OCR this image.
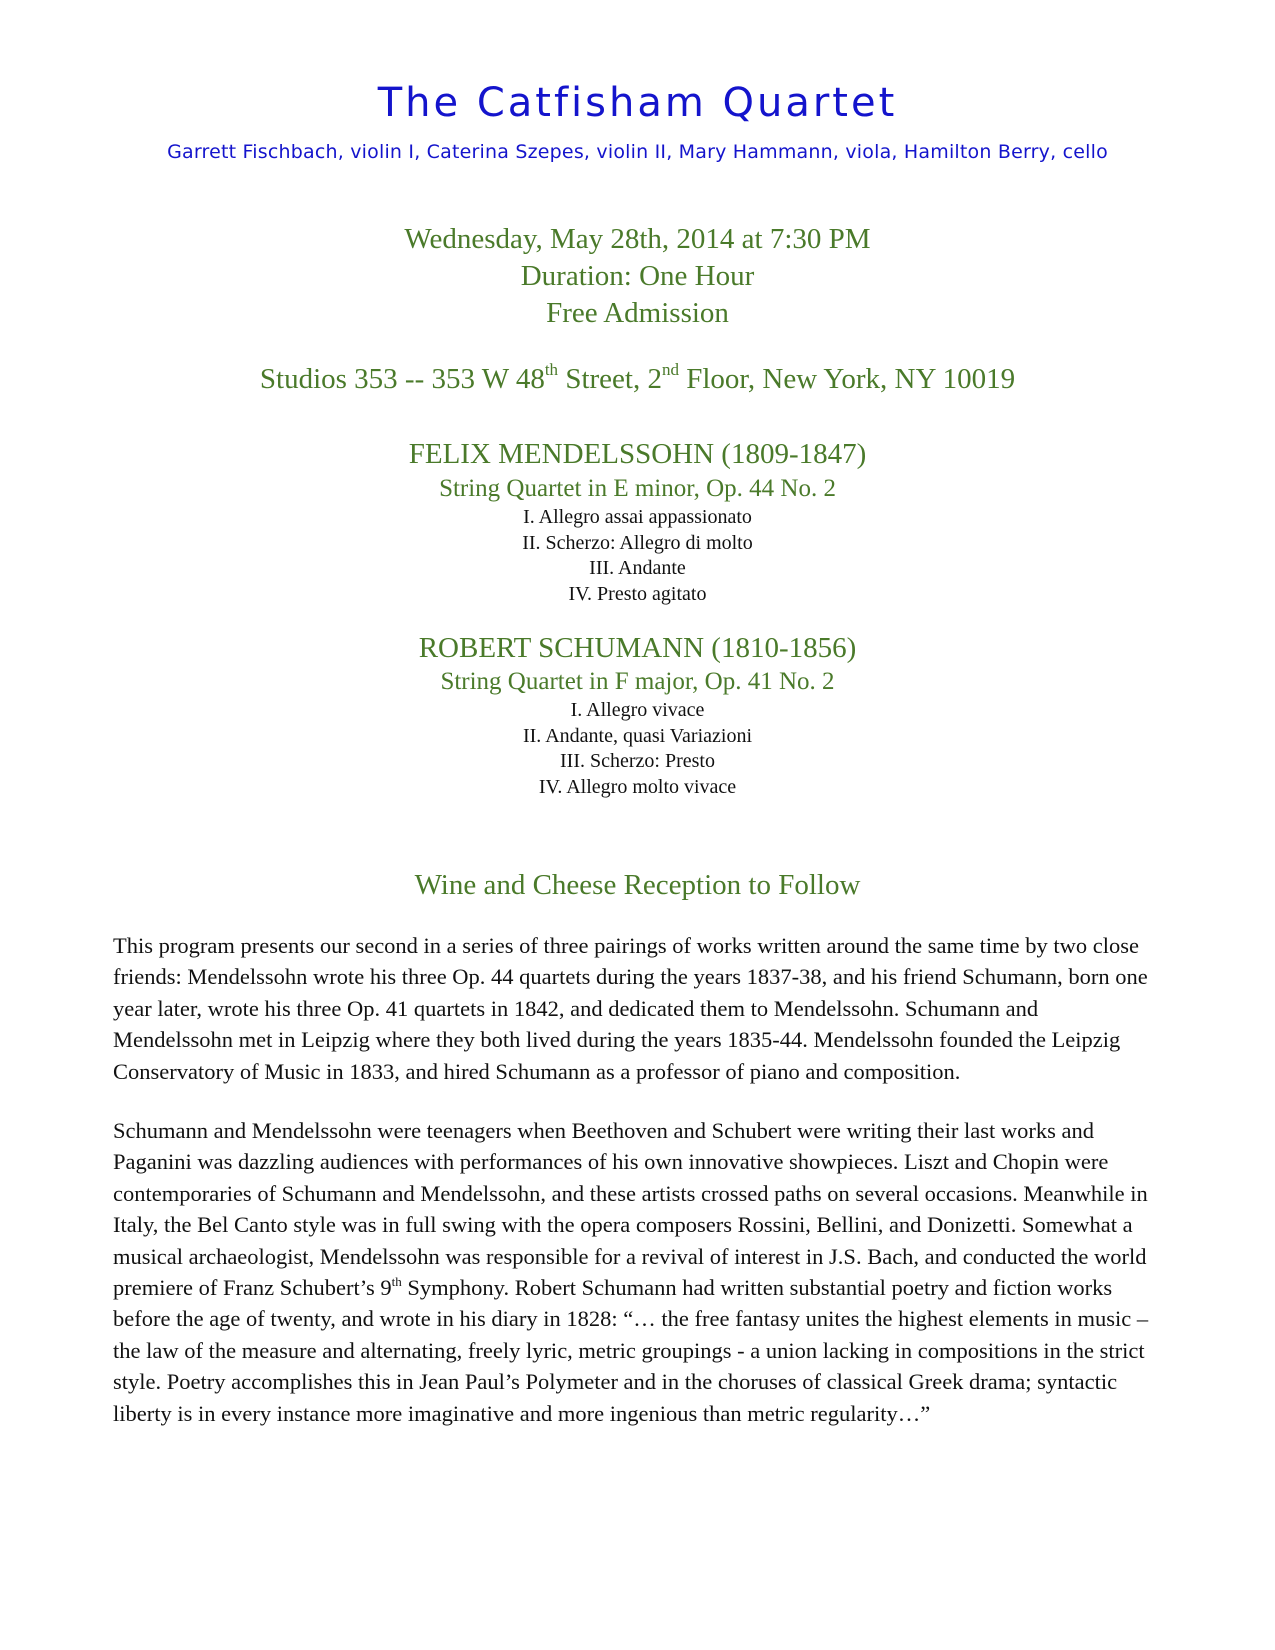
The Catfisham Quartet
Garrett Fischbach, violin I, Caterina Szepes, violin II, Mary Hammann, viola, Hamilton Berry, cello
Wednesday, May 28th, 2014 at 7:30 PM
Duration: One Hour
Free Admission
Studios 353 -- 353 W 48th Street, 2nd Floor, New York, NY 10019
FELIX MENDELSSOHN (1809-1847)
String Quartet in E minor, Op. 44 No. 2
I. Allegro assai appassionato
II. Scherzo: Allegro di molto
III. Andante
IV. Presto agitato
ROBERT SCHUMANN (1810-1856)
String Quartet in F major, Op. 41 No. 2
I. Allegro vivace
II. Andante, quasi Variazioni
III. Scherzo: Presto
IV. Allegro molto vivace
Wine and Cheese Reception to Follow

This program presents our second in a series of three pairings of works written around the same time by two close friends: Mendelssohn wrote his three Op. 44 quartets during the years 1837-38, and his friend Schumann, born one year later, wrote his three Op. 41 quartets in 1842, and dedicated them to Mendelssohn. Schumann and Mendelssohn met in Leipzig where they both lived during the years 1835-44. Mendelssohn founded the Leipzig Conservatory of Music in 1833, and hired Schumann as a professor of piano and composition.

Schumann and Mendelssohn were teenagers when Beethoven and Schubert were writing their last works and Paganini was dazzling audiences with performances of his own innovative showpieces. Liszt and Chopin were contemporaries of Schumann and Mendelssohn, and these artists crossed paths on several occasions. Meanwhile in Italy, the Bel Canto style was in full swing with the opera composers Rossini, Bellini, and Donizetti. Somewhat a musical archaeologist, Mendelssohn was responsible for a revival of interest in J.S. Bach, and conducted the world premiere of Franz Schubert’s 9th Symphony. Robert Schumann had written substantial poetry and fiction works before the age of twenty, and wrote in his diary in 1828: “… the free fantasy unites the highest elements in music – the law of the measure and alternating, freely lyric, metric groupings - a union lacking in compositions in the strict style. Poetry accomplishes this in Jean Paul’s Polymeter and in the choruses of classical Greek drama; syntactic liberty is in every instance more imaginative and more ingenious than metric regularity…”
